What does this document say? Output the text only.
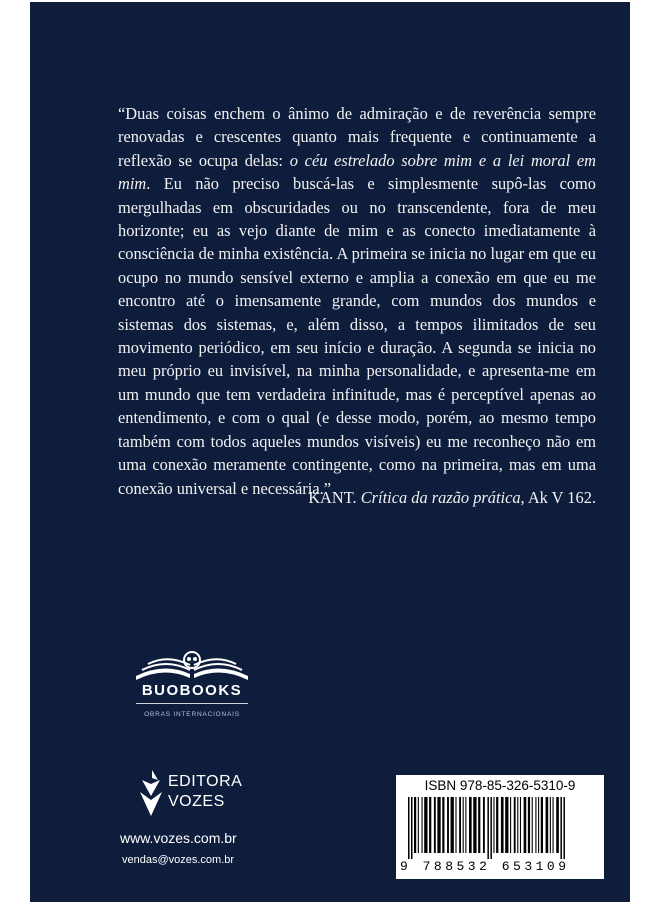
“Duas coisas enchem o ânimo de admiração e de reverência sempre renovadas e crescentes quanto mais frequente e continuamente a reflexão se ocupa delas: o céu estrelado sobre mim e a lei moral em mim. Eu não preciso buscá-las e simplesmente supô-las como mergulhadas em obscuridades ou no transcendente, fora de meu horizonte; eu as vejo diante de mim e as conecto imediatamente à consciência de minha existência. A primeira se inicia no lugar em que eu ocupo no mundo sensível externo e amplia a conexão em que eu me encontro até o imensamente grande, com mundos dos mundos e sistemas dos sistemas, e, além disso, a tempos ilimitados de seu movimento periódico, em seu início e duração. A segunda se inicia no meu próprio eu invisível, na minha personalidade, e apresenta-me em um mundo que tem verdadeira infinitude, mas é perceptível apenas ao entendimento, e com o qual (e desse modo, porém, ao mesmo tempo também com todos aqueles mundos visíveis) eu me reconheço não em uma conexão meramente contingente, como na primeira, mas em uma conexão universal e necessária.”
KANT. Crítica da razão prática, Ak V 162.
BUOBOOKS
OBRAS INTERNACIONAIS
EDITORA
VOZES
www.vozes.com.br
vendas@vozes.com.br
ISBN 978-85-326-5310-9
9 788532 653109
